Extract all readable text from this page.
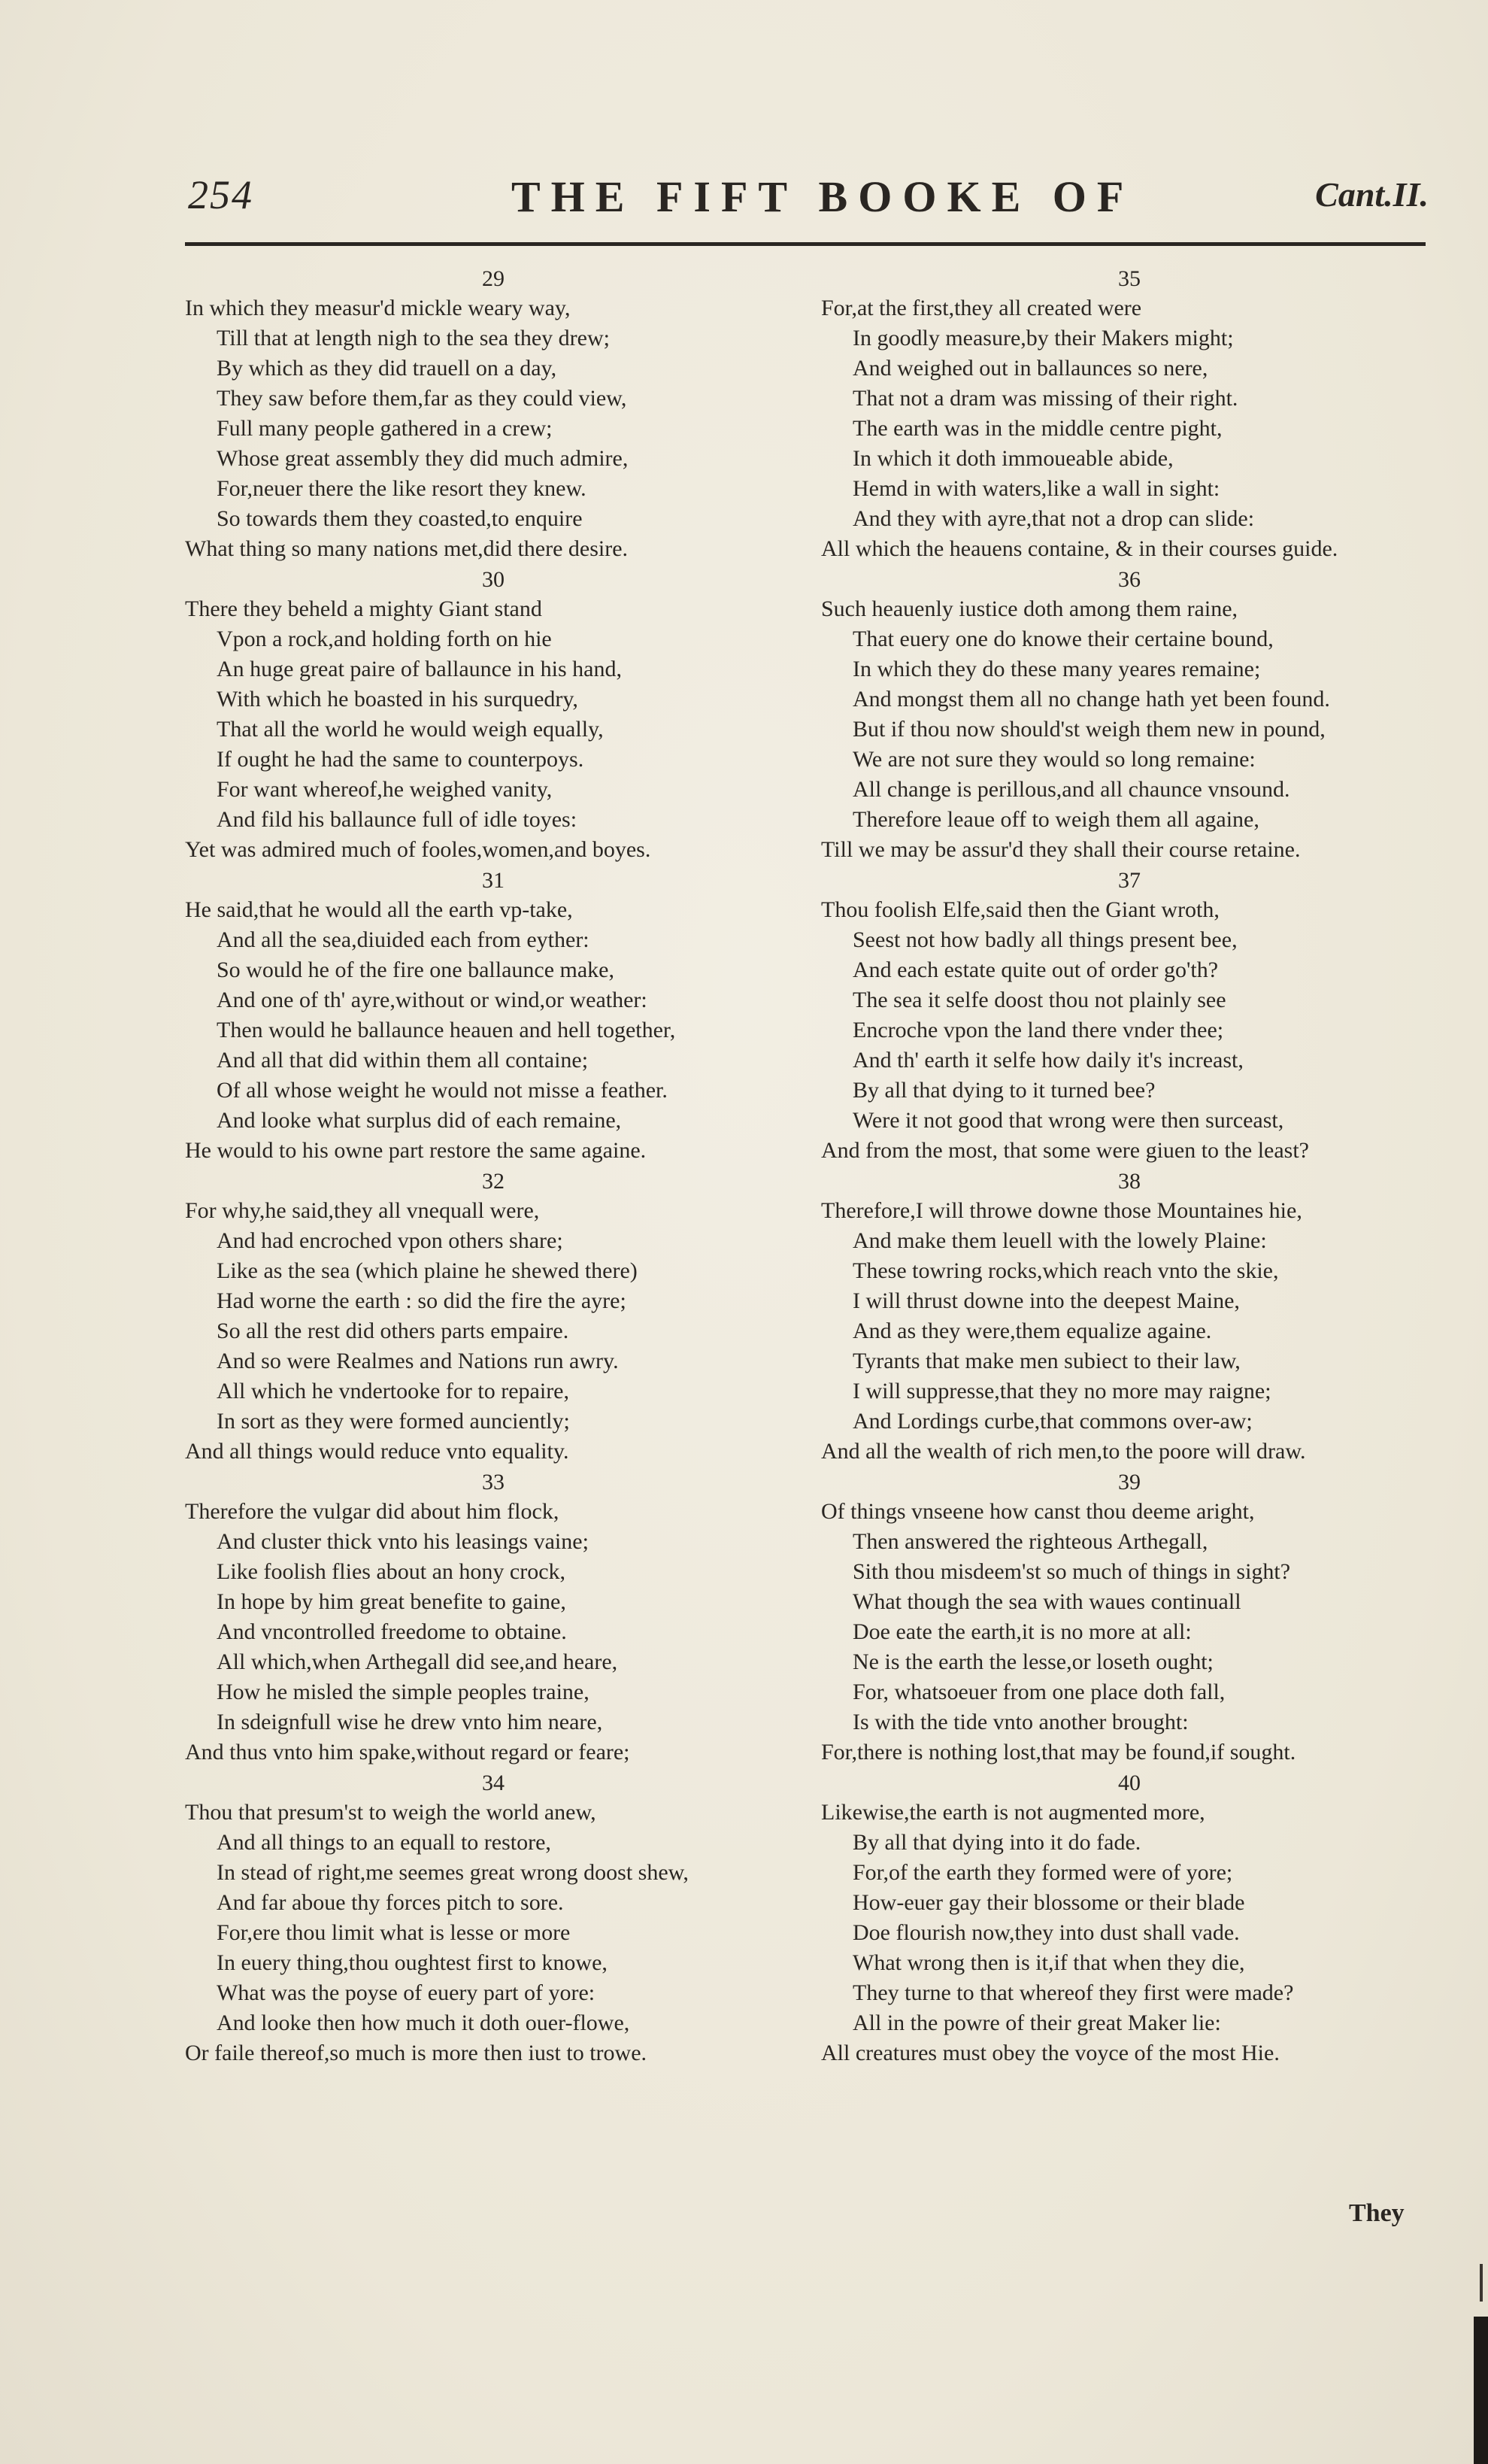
254	THE FIFT BOOKE OF	Cant.II.
29
In which they measur'd mickle weary way,
Till that at length nigh to the sea they drew;
By which as they did trauell on a day,
They saw before them,far as they could view,
Full many people gathered in a crew;
Whose great assembly they did much admire,
For,neuer there the like resort they knew.
So towards them they coasted,to enquire
What thing so many nations met,did there desire.
30
There they beheld a mighty Giant stand
Vpon a rock,and holding forth on hie
An huge great paire of ballaunce in his hand,
With which he boasted in his surquedry,
That all the world he would weigh equally,
If ought he had the same to counterpoys.
For want whereof,he weighed vanity,
And fild his ballaunce full of idle toyes:
Yet was admired much of fooles,women,and boyes.
31
He said,that he would all the earth vp-take,
And all the sea,diuided each from eyther:
So would he of the fire one ballaunce make,
And one of th' ayre,without or wind,or weather:
Then would he ballaunce heauen and hell together,
And all that did within them all containe;
Of all whose weight he would not misse a feather.
And looke what surplus did of each remaine,
He would to his owne part restore the same againe.
32
For why,he said,they all vnequall were,
And had encroched vpon others share;
Like as the sea (which plaine he shewed there)
Had worne the earth : so did the fire the ayre;
So all the rest did others parts empaire.
And so were Realmes and Nations run awry.
All which he vndertooke for to repaire,
In sort as they were formed aunciently;
And all things would reduce vnto equality.
33
Therefore the vulgar did about him flock,
And cluster thick vnto his leasings vaine;
Like foolish flies about an hony crock,
In hope by him great benefite to gaine,
And vncontrolled freedome to obtaine.
All which,when Arthegall did see,and heare,
How he misled the simple peoples traine,
In sdeignfull wise he drew vnto him neare,
And thus vnto him spake,without regard or feare;
34
Thou that presum'st to weigh the world anew,
And all things to an equall to restore,
In stead of right,me seemes great wrong doost shew,
And far aboue thy forces pitch to sore.
For,ere thou limit what is lesse or more
In euery thing,thou oughtest first to knowe,
What was the poyse of euery part of yore:
And looke then how much it doth ouer-flowe,
Or faile thereof,so much is more then iust to trowe.
35
For,at the first,they all created were
In goodly measure,by their Makers might;
And weighed out in ballaunces so nere,
That not a dram was missing of their right.
The earth was in the middle centre pight,
In which it doth immoueable abide,
Hemd in with waters,like a wall in sight:
And they with ayre,that not a drop can slide:
All which the heauens containe, & in their courses guide.
36
Such heauenly iustice doth among them raine,
That euery one do knowe their certaine bound,
In which they do these many yeares remaine;
And mongst them all no change hath yet been found.
But if thou now should'st weigh them new in pound,
We are not sure they would so long remaine:
All change is perillous,and all chaunce vnsound.
Therefore leaue off to weigh them all againe,
Till we may be assur'd they shall their course retaine.
37
Thou foolish Elfe,said then the Giant wroth,
Seest not how badly all things present bee,
And each estate quite out of order go'th?
The sea it selfe doost thou not plainly see
Encroche vpon the land there vnder thee;
And th' earth it selfe how daily it's increast,
By all that dying to it turned bee?
Were it not good that wrong were then surceast,
And from the most, that some were giuen to the least?
38
Therefore,I will throwe downe those Mountaines hie,
And make them leuell with the lowely Plaine:
These towring rocks,which reach vnto the skie,
I will thrust downe into the deepest Maine,
And as they were,them equalize againe.
Tyrants that make men subiect to their law,
I will suppresse,that they no more may raigne;
And Lordings curbe,that commons over-aw;
And all the wealth of rich men,to the poore will draw.
39
Of things vnseene how canst thou deeme aright,
Then answered the righteous Arthegall,
Sith thou misdeem'st so much of things in sight?
What though the sea with waues continuall
Doe eate the earth,it is no more at all:
Ne is the earth the lesse,or loseth ought;
For, whatsoeuer from one place doth fall,
Is with the tide vnto another brought:
For,there is nothing lost,that may be found,if sought.
40
Likewise,the earth is not augmented more,
By all that dying into it do fade.
For,of the earth they formed were of yore;
How-euer gay their blossome or their blade
Doe flourish now,they into dust shall vade.
What wrong then is it,if that when they die,
They turne to that whereof they first were made?
All in the powre of their great Maker lie:
All creatures must obey the voyce of the most Hie.
They
